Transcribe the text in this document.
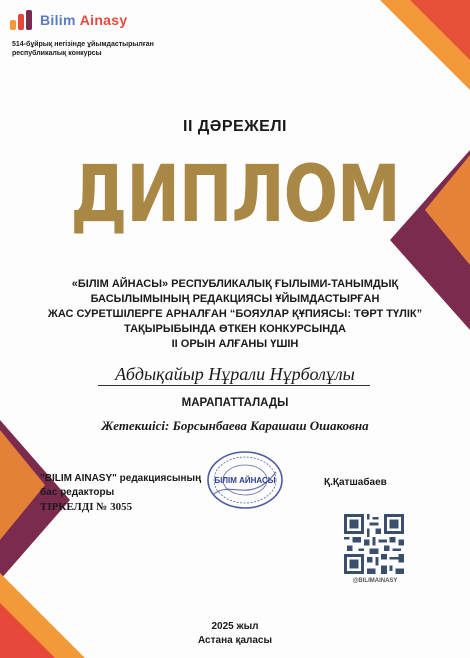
Bilim Ainasy
514-бұйрық негізінде ұйымдастырылған
республикалық конкурсы
II ДӘРЕЖЕЛІ
ДИПЛОМ
«БІЛІМ АЙНАСЫ» РЕСПУБЛИКАЛЫҚ ҒЫЛЫМИ-ТАНЫМДЫҚ
БАСЫЛЫМЫНЫҢ РЕДАКЦИЯСЫ ҰЙЫМДАСТЫРҒАН
ЖАС СУРЕТШІЛЕРГЕ АРНАЛҒАН “БОЯУЛАР ҚҰПИЯСЫ: ТӨРТ ТҮЛІК”
ТАҚЫРЫБЫНДА ӨТКЕН КОНКУРСЫНДА
II ОРЫН АЛҒАНЫ ҮШІН
Абдықайыр Нұрали Нұрболұлы
МАРАПАТТАЛАДЫ
Жетекшісі: Борсынбаева Карашаш Ошаковна
"BILIM AINASY" редакциясының
бас редакторы
ТІРКЕЛДІ № 3055
БІЛІМ АЙНАСЫ	Қ.Қатшабаев
@BILIMAINASY
2025 жыл
Астана қаласы
